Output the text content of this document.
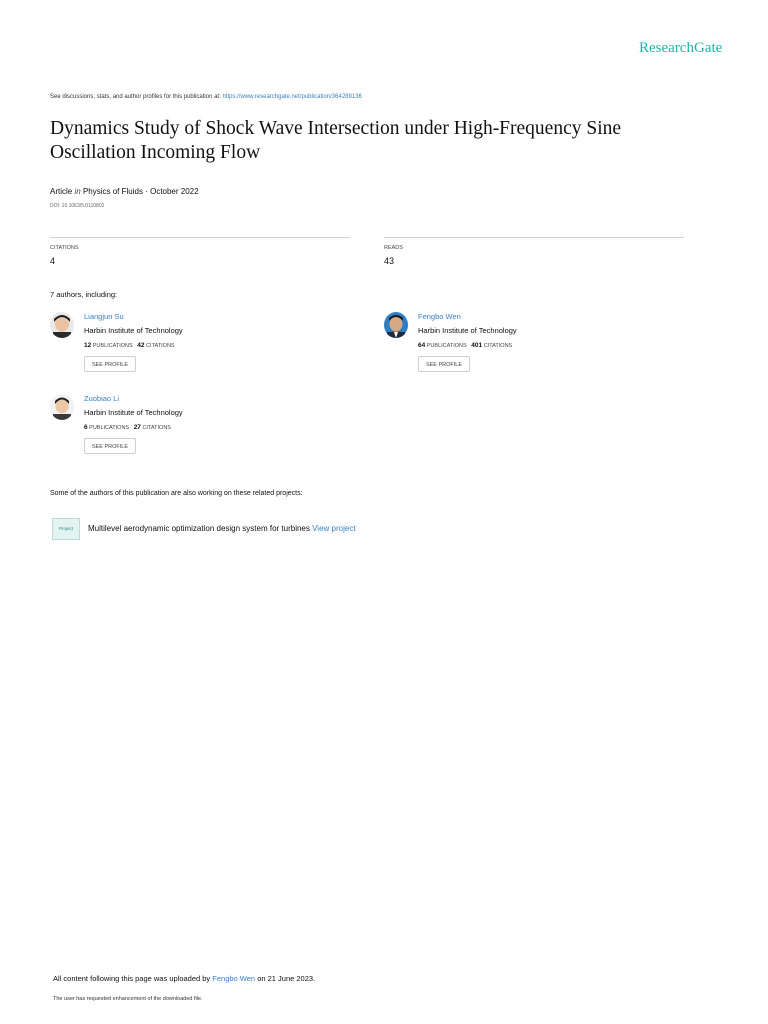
ResearchGate
See discussions, stats, and author profiles for this publication at: https://www.researchgate.net/publication/364289136
Dynamics Study of Shock Wave Intersection under High-Frequency Sine
Oscillation Incoming Flow
Article in Physics of Fluids · October 2022
DOI: 10.1063/5.0110802
CITATIONS
4
READS
43
7 authors, including:
Liangjun Su
Harbin Institute of Technology
12 PUBLICATIONS 42 CITATIONS
SEE PROFILE
Fengbo Wen
Harbin Institute of Technology
64 PUBLICATIONS 401 CITATIONS
SEE PROFILE
Zuobiao Li
Harbin Institute of Technology
6 PUBLICATIONS 27 CITATIONS
SEE PROFILE
Some of the authors of this publication are also working on these related projects:
Project	Multilevel aerodynamic optimization design system for turbines View project
All content following this page was uploaded by Fengbo Wen on 21 June 2023.
The user has requested enhancement of the downloaded file.
